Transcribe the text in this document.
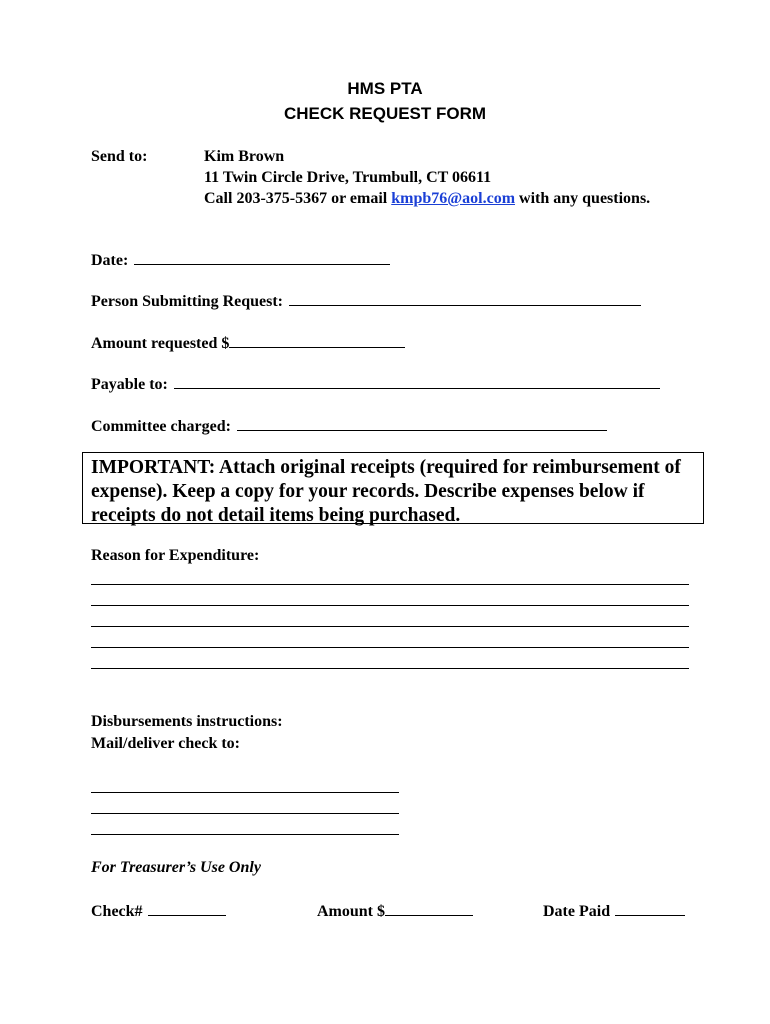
HMS PTA
CHECK REQUEST FORM
Send to:	Kim Brown
11 Twin Circle Drive, Trumbull, CT 06611
Call 203-375-5367 or email kmpb76@aol.com with any questions.
Date:
Person Submitting Request:
Amount requested $
Payable to:
Committee charged:
IMPORTANT: Attach original receipts (required for reimbursement of expense). Keep a copy for your records. Describe expenses below if receipts do not detail items being purchased.
Reason for Expenditure:
Disbursements instructions:
Mail/deliver check to:
For Treasurer’s Use Only
Check#	Amount $	Date Paid
